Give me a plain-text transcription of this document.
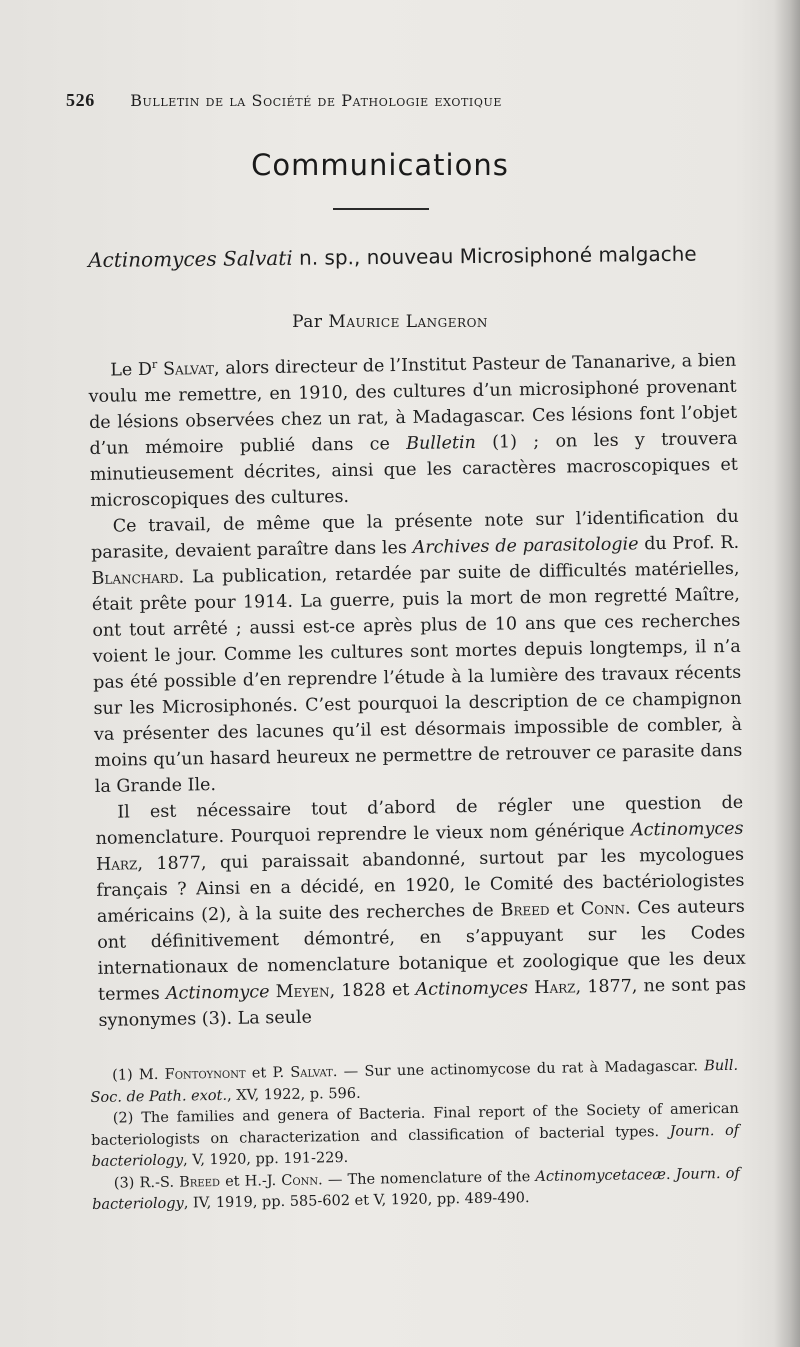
526 Bulletin de la Société de Pathologie exotique
Communications
Actinomyces Salvati n. sp., nouveau Microsiphoné malgache
Par Maurice Langeron

Le $D^r$ Salvat, alors directeur de l’Institut Pasteur de Tananarive, a bien voulu me remettre, en 1910, des cultures d’un microsiphoné provenant de lésions observées chez un rat, à Madagascar. Ces lésions font l’objet d’un mémoire publié dans ce Bulletin (1) ; on les y trouvera minutieusement décrites, ainsi que les caractères macroscopiques et microscopiques des cultures.

Ce travail, de même que la présente note sur l’identification du parasite, devaient paraître dans les Archives de parasitologie du Prof. R. Blanchard. La publication, retardée par suite de difficultés matérielles, était prête pour 1914. La guerre, puis la mort de mon regretté Maître, ont tout arrêté ; aussi est-ce après plus de 10 ans que ces recherches voient le jour. Comme les cultures sont mortes depuis longtemps, il n’a pas été possible d’en reprendre l’étude à la lumière des travaux récents sur les Microsiphonés. C’est pourquoi la description de ce champignon va présenter des lacunes qu’il est désormais impossible de combler, à moins qu’un hasard heureux ne permettre de retrouver ce parasite dans la Grande Ile.

Il est nécessaire tout d’abord de régler une question de nomenclature. Pourquoi reprendre le vieux nom générique Actinomyces Harz, 1877, qui paraissait abandonné, surtout par les mycologues français ? Ainsi en a décidé, en 1920, le Comité des bactériologistes américains (2), à la suite des recherches de Breed et Conn. Ces auteurs ont définitivement démontré, en s’appuyant sur les Codes internationaux de nomenclature botanique et zoologique que les deux termes Actinomyce Meyen, 1828 et Actinomyces Harz, 1877, ne sont pas synonymes (3). La seule

(1) M. Fontoynont et P. Salvat. — Sur une actinomycose du rat à Madagascar. Bull. Soc. de Path. exot., XV, 1922, p. 596.

(2) The families and genera of Bacteria. Final report of the Society of american bacteriologists on characterization and classification of bacterial types. Journ. of bacteriology, V, 1920, pp. 191-229.

(3) R.-S. Breed et H.-J. Conn. — The nomenclature of the Actinomycetaceæ. Journ. of bacteriology, IV, 1919, pp. 585-602 et V, 1920, pp. 489-490.
